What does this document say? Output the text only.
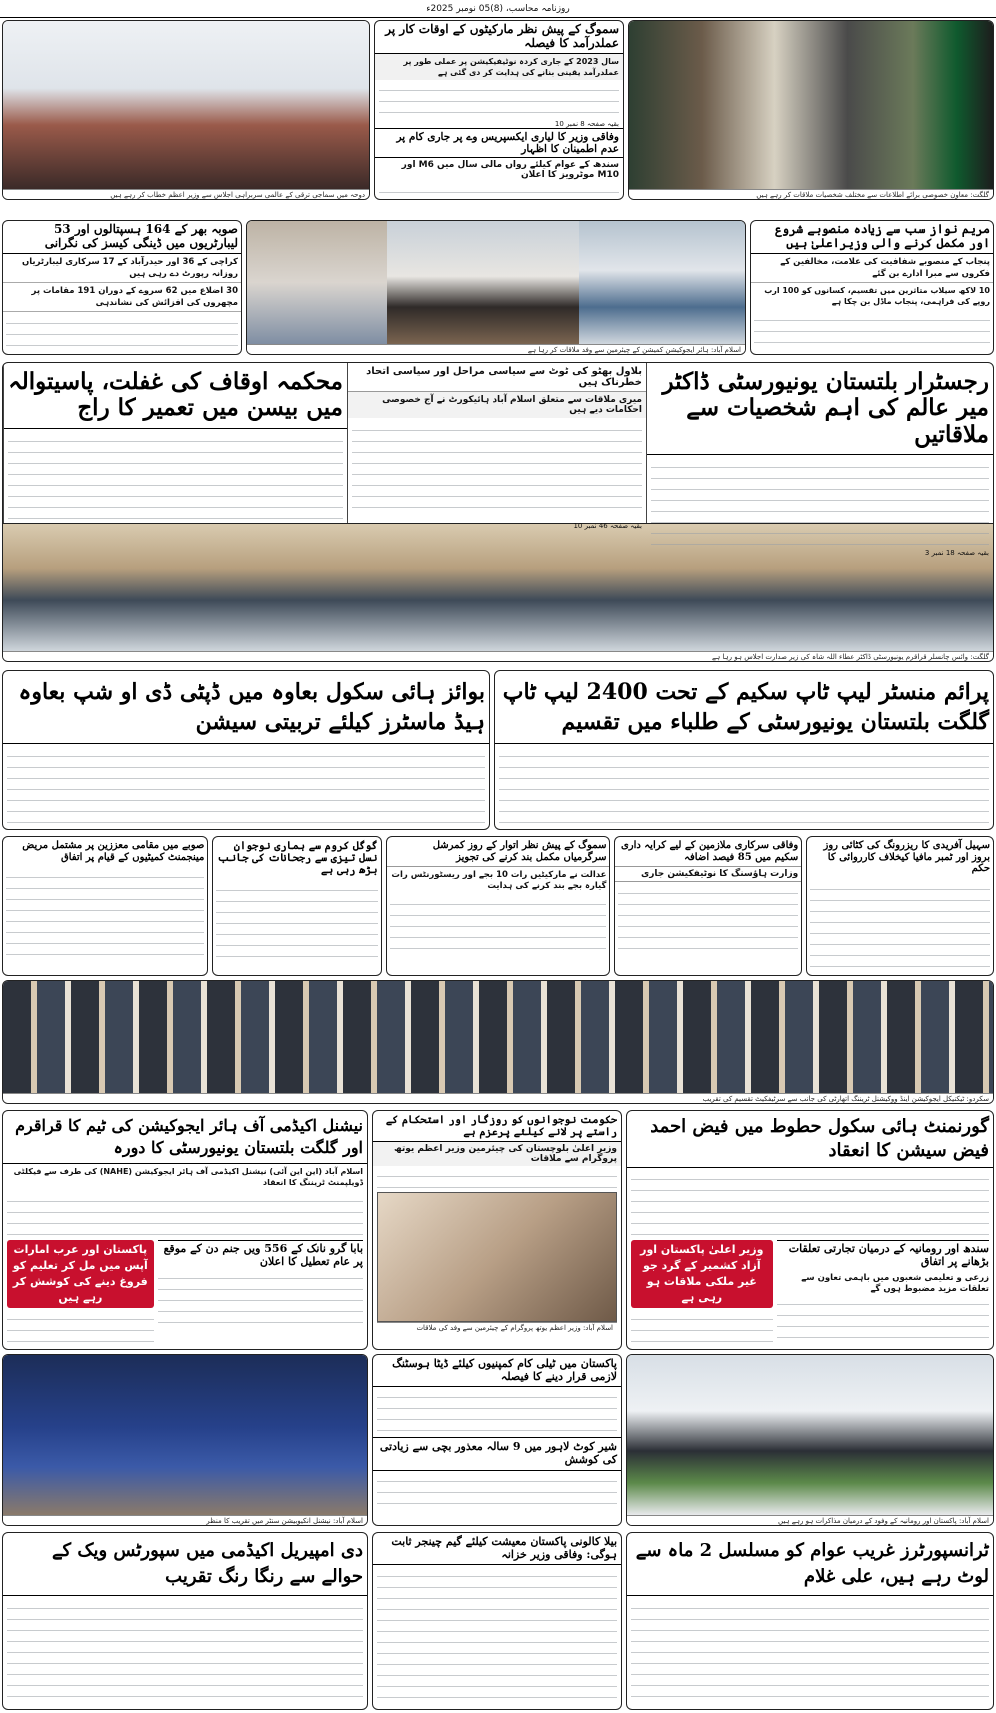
روزنامہ محاسب، (8)05 نومبر 2025ء
دوحہ میں سماجی ترقی کے عالمی سربراہی اجلاس سے وزیر اعظم خطاب کر رہے ہیں
سموگ کے پیش نظر مارکیٹوں کے اوقات کار پر عملدرآمد کا فیصلہ
سال 2023 کے جاری کردہ نوٹیفیکیشن پر عملی طور پر عملدرآمد یقینی بنانے کی ہدایت کر دی گئی ہے
بقیہ صفحہ 8 نمبر 10
وفاقی وزیر کا لیاری ایکسپریس وے پر جاری کام پر عدم اطمینان کا اظہار
سندھ کے عوام کیلئے رواں مالی سال میں M6 اور M10 موٹرویز کا اعلان
گلگت: معاون خصوصی برائے اطلاعات سے مختلف شخصیات ملاقات کر رہے ہیں
صوبہ بھر کے 164 ہسپتالوں اور 53 لیبارٹریوں میں ڈینگی کیسز کی نگرانی
کراچی کے 36 اور حیدرآباد کے 17 سرکاری لیبارٹریاں روزانہ رپورٹ دے رہی ہیں
30 اضلاع میں 62 سروے کے دوران 191 مقامات پر مچھروں کی افزائش کی نشاندہی
اسلام آباد: ہائر ایجوکیشن کمیشن کے چیئرمین سے وفد ملاقات کر رہا ہے
مریم نواز سب سے زیادہ منصوبے شروع اور مکمل کرنے والی وزیراعلیٰ ہیں
پنجاب کے منصوبے شفافیت کی علامت، مخالفین کے فکروں سے مبرا ادارے بن گئے
10 لاکھ سیلاب متاثرین میں تقسیم، کسانوں کو 100 ارب روپے کی فراہمی، پنجاب ماڈل بن چکا ہے
محکمہ اوقاف کی غفلت، پاسیتوالہ میں بیسن میں تعمیر کا راج
بلاول بھٹو کی ٹوٹ سے سیاسی مراحل اور سیاسی اتحاد خطرناک ہیں
میری ملاقات سے متعلق اسلام آباد ہائیکورٹ نے آج خصوصی احکامات دیے ہیں
بقیہ صفحہ 46 نمبر 10
رجسٹرار بلتستان یونیورسٹی ڈاکٹر میر عالم کی اہم شخصیات سے ملاقاتیں
بقیہ صفحہ 18 نمبر 3
گلگت: وائس چانسلر قراقرم یونیورسٹی ڈاکٹر عطاء اللہ شاہ کی زیر صدارت اجلاس ہو رہا ہے
بوائز ہائی سکول بعاوہ میں ڈپٹی ڈی او شپ بعاوہ ہیڈ ماسٹرز کیلئے تربیتی سیشن
پرائم منسٹر لیپ ٹاپ سکیم کے تحت 2400 لیپ ٹاپ گلگت بلتستان یونیورسٹی کے طلباء میں تقسیم
سہیل آفریدی کا ریزرونگ کی کٹائی روز بروز اور ٹمبر مافیا کیخلاف کارروائی کا حکم
وفاقی سرکاری ملازمین کے لیے کرایہ داری سکیم میں 85 فیصد اضافہ
وزارت ہاؤسنگ کا نوٹیفکیشن جاری
سموگ کے پیش نظر اتوار کے روز کمرشل سرگرمیاں مکمل بند کرنے کی تجویز
عدالت نے مارکیٹیں رات 10 بجے اور ریسٹورنٹس رات گیارہ بجے بند کرنے کی ہدایت
گوگل کروم سے ہماری نوجوان نسل تیزی سے رجحانات کی جانب بڑھ رہی ہے
صوبے میں مقامی معززین پر مشتمل مریض مینجمنٹ کمیٹیوں کے قیام پر اتفاق
سکردو: ٹیکنیکل ایجوکیشن اینڈ ووکیشنل ٹریننگ اتھارٹی کی جانب سے سرٹیفکیٹ تقسیم کی تقریب
نیشنل اکیڈمی آف ہائر ایجوکیشن کی ٹیم کا قراقرم اور گلگت بلتستان یونیورسٹی کا دورہ
اسلام آباد (این این آئی) نیشنل اکیڈمی آف ہائر ایجوکیشن (NAHE) کی طرف سے فیکلٹی ڈویلپمنٹ ٹریننگ کا انعقاد
بابا گرو نانک کے 556 ویں جنم دن کے موقع پر عام تعطیل کا اعلان
پاکستان اور عرب امارات آپس میں مل کر تعلیم کو فروغ دینے کی کوشش کر رہے ہیں
حکومت نوجوانوں کو روزگار اور استحکام کے راستے پر لانے کیلئے پرعزم ہے
وزیر اعلیٰ بلوچستان کی چیئرمین وزیر اعظم یوتھ پروگرام سے ملاقات
اسلام آباد: وزیر اعظم یوتھ پروگرام کے چیئرمین سے وفد کی ملاقات
گورنمنٹ ہائی سکول حطوط میں فیض احمد فیض سیشن کا انعقاد
سندھ اور رومانیہ کے درمیان تجارتی تعلقات بڑھانے پر اتفاق
زرعی و تعلیمی شعبوں میں باہمی تعاون سے تعلقات مزید مضبوط ہوں گے
وزیر اعلیٰ پاکستان اور آزاد کشمیر کے گرد جو غیر ملکی ملاقات ہو رہی ہے
اسلام آباد: نیشنل انکیوبیشن سنٹر میں تقریب کا منظر
پاکستان میں ٹیلی کام کمپنیوں کیلئے ڈیٹا ہوسٹنگ لازمی قرار دینے کا فیصلہ
شیر کوٹ لاہور میں 9 سالہ معذور بچی سے زیادتی کی کوشش
اسلام آباد: پاکستان اور رومانیہ کے وفود کے درمیان مذاکرات ہو رہے ہیں
دی امپیریل اکیڈمی میں سپورٹس ویک کے حوالے سے رنگا رنگ تقریب
بیلا کالونی پاکستان معیشت کیلئے گیم چینجر ثابت ہوگی: وفاقی وزیر خزانہ	ٹرانسپورٹرز غریب عوام کو مسلسل 2 ماہ سے لوٹ رہے ہیں، علی غلام
